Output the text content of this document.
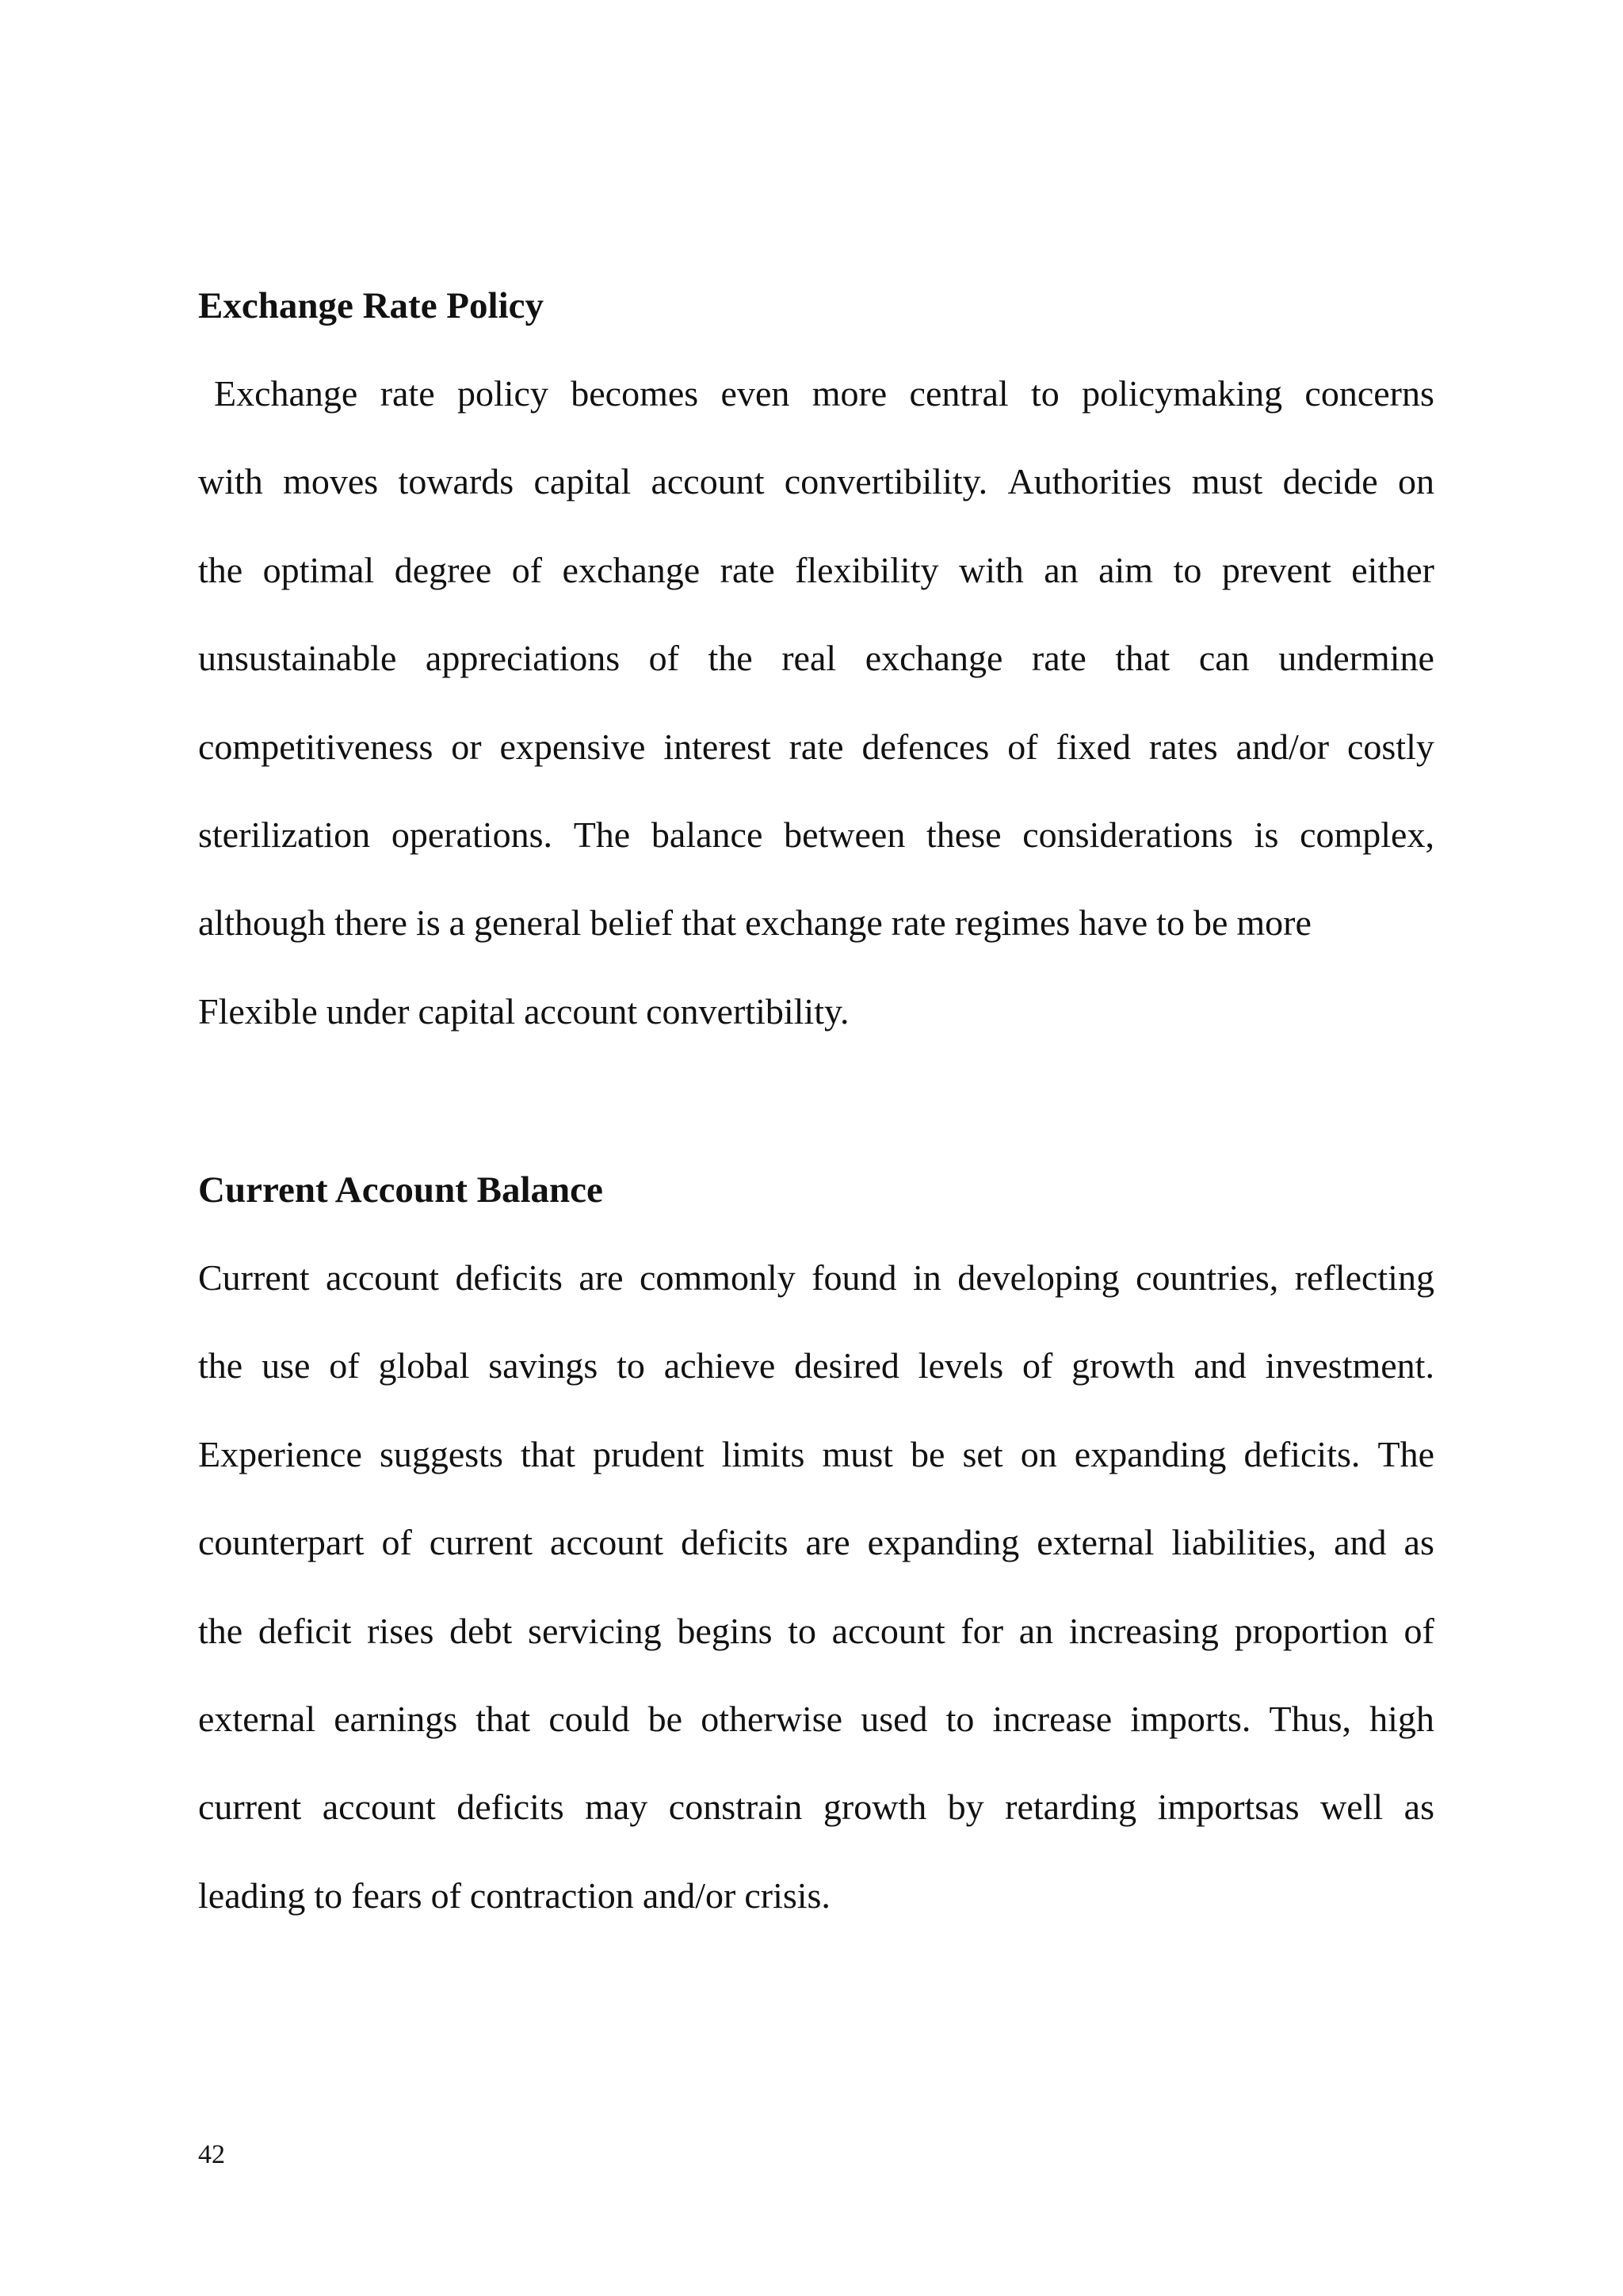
Exchange Rate Policy
Exchange rate policy becomes even more central to policymaking concerns
with moves towards capital account convertibility. Authorities must decide on
the optimal degree of exchange rate flexibility with an aim to prevent either
unsustainable appreciations of the real exchange rate that can undermine
competitiveness or expensive interest rate defences of fixed rates and/or costly
sterilization operations. The balance between these considerations is complex,
although there is a general belief that exchange rate regimes have to be more
Flexible under capital account convertibility.
Current Account Balance
Current account deficits are commonly found in developing countries, reflecting
the use of global savings to achieve desired levels of growth and investment.
Experience suggests that prudent limits must be set on expanding deficits. The
counterpart of current account deficits are expanding external liabilities, and as
the deficit rises debt servicing begins to account for an increasing proportion of
external earnings that could be otherwise used to increase imports. Thus, high
current account deficits may constrain growth by retarding importsas well as
leading to fears of contraction and/or crisis.
42
